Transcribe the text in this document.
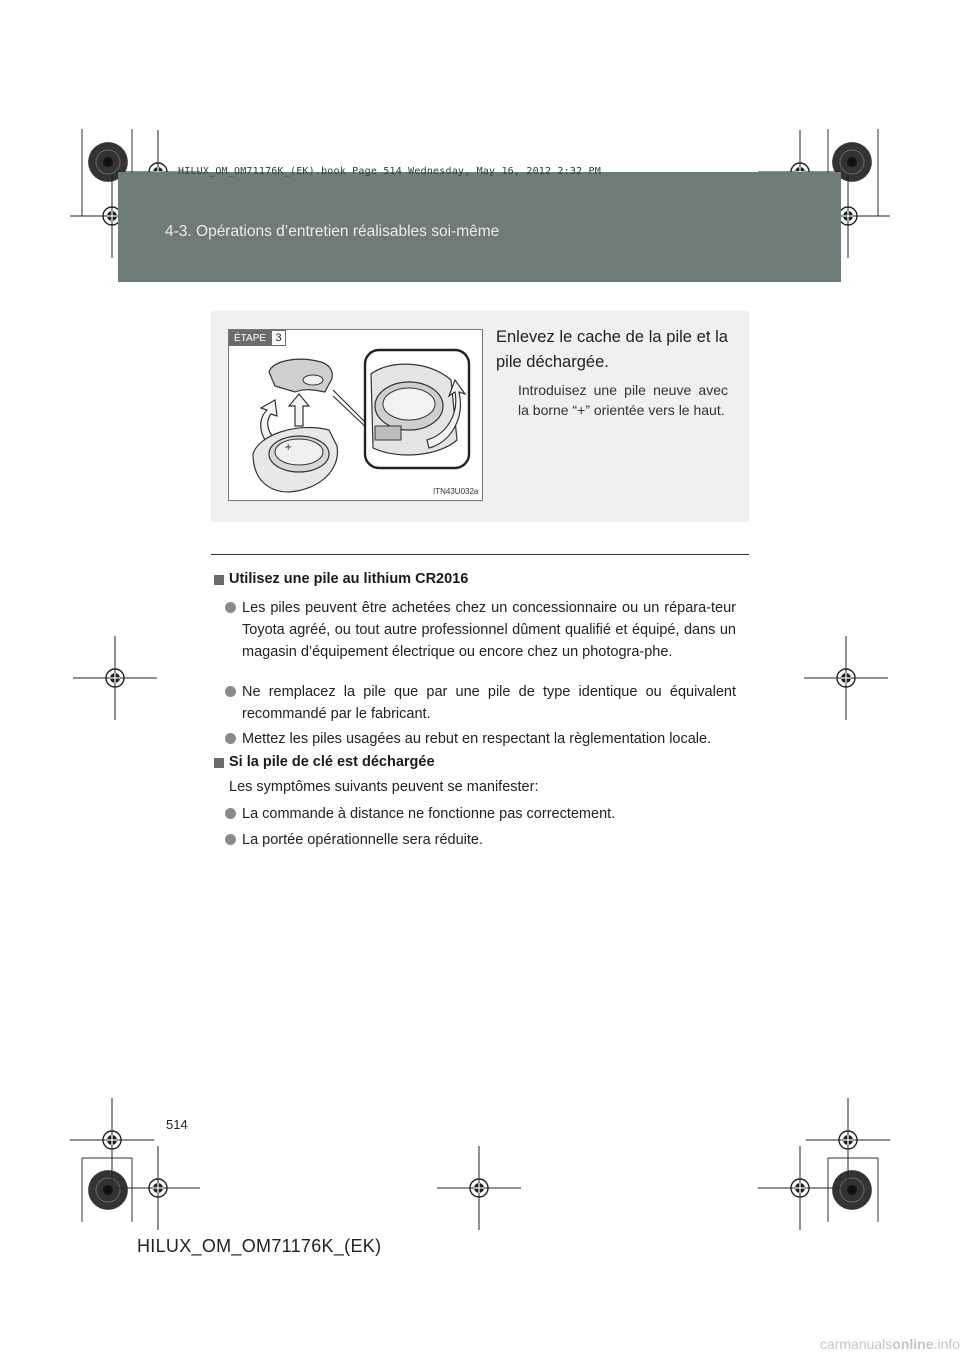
HILUX_OM_OM71176K_(EK).book Page 514 Wednesday, May 16, 2012 2:32 PM
4-3. Opérations d’entretien réalisables soi-même
+
ÉTAPE 3
ITN43U032a
Enlevez le cache de la pile et la pile déchargée.
Introduisez une pile neuve avec la borne “+” orientée vers le haut.
Utilisez une pile au lithium CR2016
Les piles peuvent être achetées chez un concessionnaire ou un répara-teur Toyota agréé, ou tout autre professionnel dûment qualifié et équipé, dans un magasin d’équipement électrique ou encore chez un photogra-phe.
Ne remplacez la pile que par une pile de type identique ou équivalent recommandé par le fabricant.
Mettez les piles usagées au rebut en respectant la règlementation locale.
Si la pile de clé est déchargée
Les symptômes suivants peuvent se manifester:
La commande à distance ne fonctionne pas correctement.
La portée opérationnelle sera réduite.
514
HILUX_OM_OM71176K_(EK)
carmanualsonline.info
